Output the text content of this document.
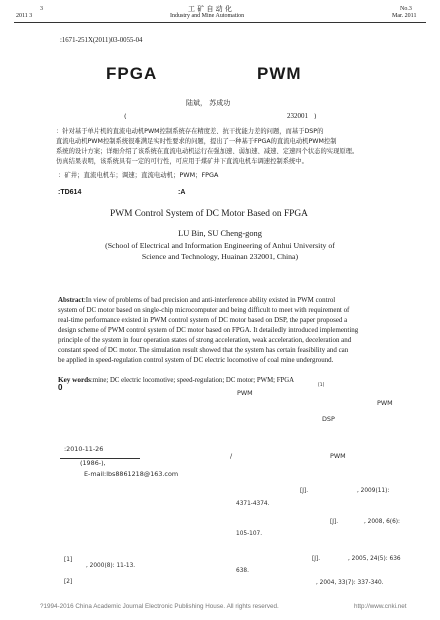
3
2011 3
工 矿 自 动 化
Industry and Mine Automation
No.3
Mar. 2011
:1671-251X(2011)03-0055-04
FPGA	PWM
陆斌， 苏成功
(	232001 )
：针对基于单片机的直流电动机PWM控制系统存在精度差、抗干扰能力差的问题，而基于DSP的
直流电动机PWM控制系统很难满足实时性要求的问题，提出了一种基于FPGA的直流电动机PWM控制
系统的设计方案；详细介绍了该系统在直流电动机运行在强加速、弱加速、减速、定速四个状态的实现原理。
仿真结果表明，该系统具有一定的可行性，可应用于煤矿井下直流电机车调速控制系统中。
：矿井；直流电机车；调速；直流电动机；PWM；FPGA
:TD614	:A
PWM Control System of DC Motor Based on FPGA
LU Bin, SU Cheng-gong
(School of Electrical and Information Engineering of Anhui University of
Science and Technology, Huainan 232001, China)
Abstract:In view of problems of bad precision and anti-interference ability existed in PWM control
system of DC motor based on single-chip microcomputer and being difficult to meet with requirement of
real-time performance existed in PWM control system of DC motor based on DSP, the paper proposed a
design scheme of PWM control system of DC motor based on FPGA. It detailedly introduced implementing
principle of the system in four operation states of strong acceleration, weak acceleration, deceleration and
constant speed of DC motor. The simulation result showed that the system has certain feasibility and can
be applied in speed-regulation control system of DC electric locomotive of coal mine underground.
Key words:mine; DC electric locomotive; speed-regulation; DC motor; PWM; FPGA
0
PWM
[1]
PWM
DSP
:2010-11-26
(1986-),
E-mail:lbs8861218@163.com
/	PWM
[J].	, 2009(11):
4371-4374.
[J].	, 2008, 6(6):
105-107.
[J].	, 2005, 24(5): 636
638.
[1]
, 2000(8): 11-13.
[2]	, 2004, 33(7): 337-340.
?1994-2016 China Academic Journal Electronic Publishing House. All rights reserved.	http://www.cnki.net
